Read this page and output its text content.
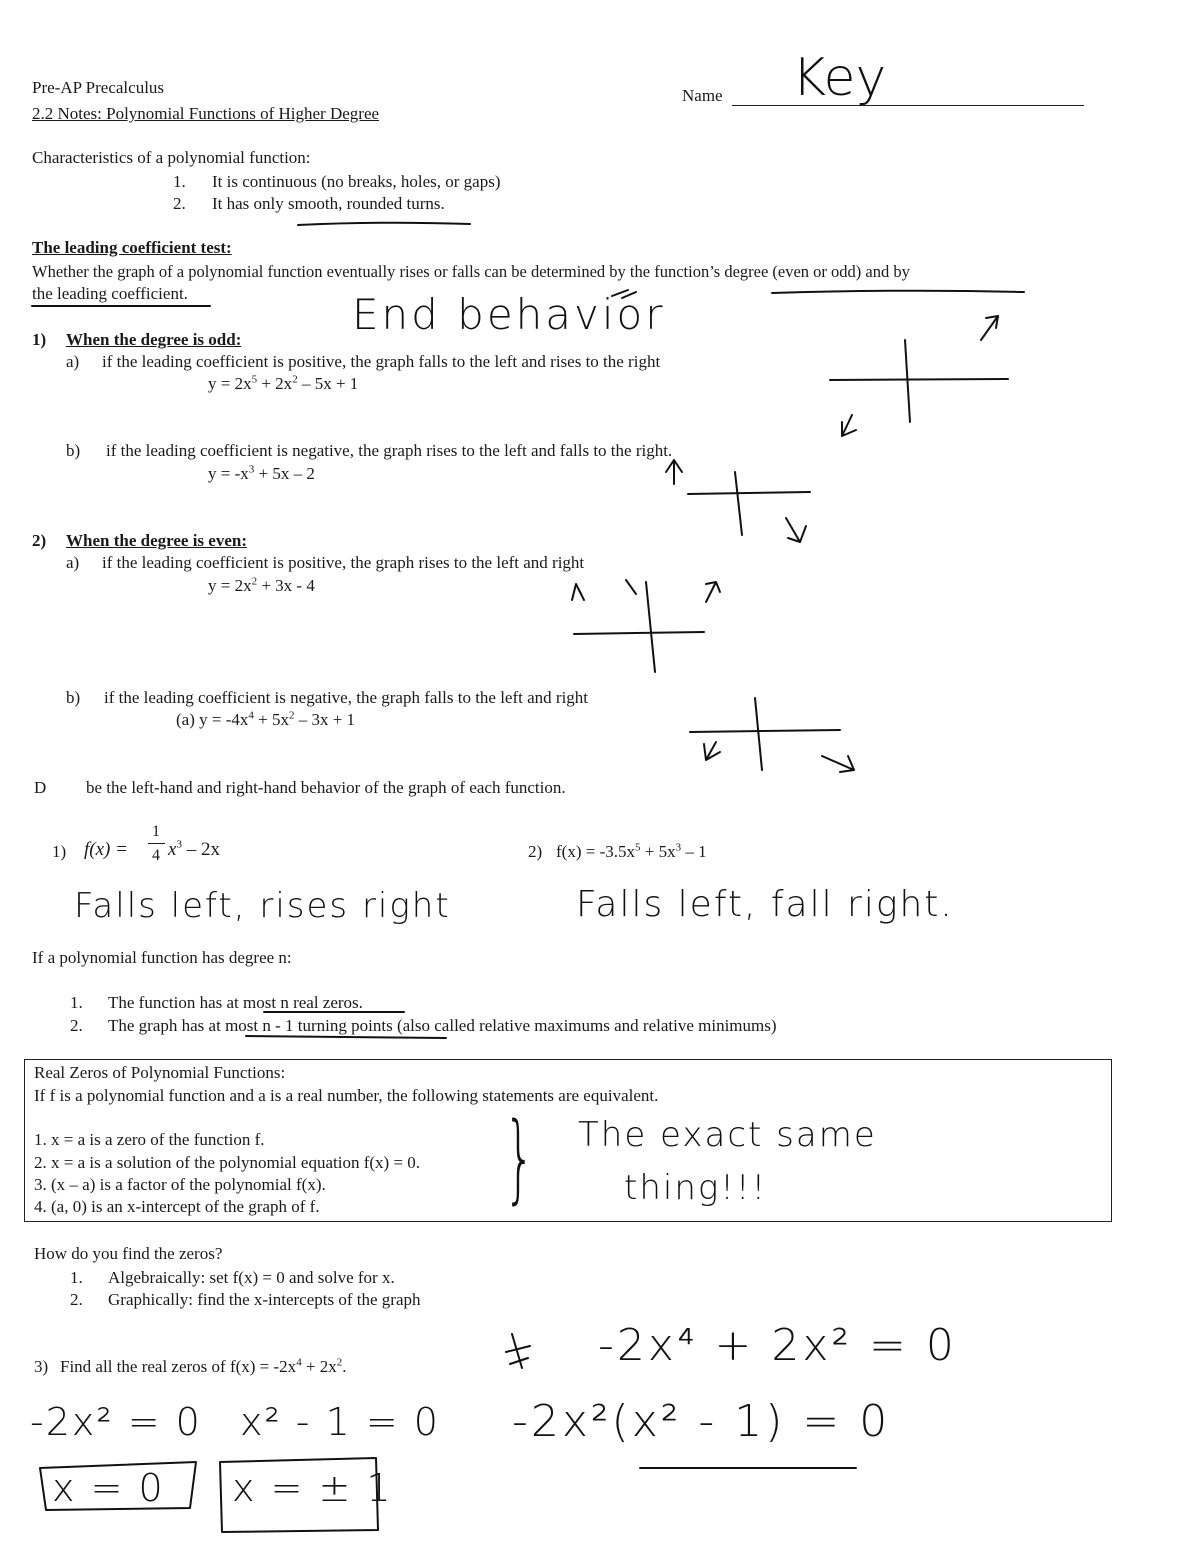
Pre-AP Precalculus
2.2 Notes: Polynomial Functions of Higher Degree
Name Key
Characteristics of a polynomial function:
1. It is continuous (no breaks, holes, or gaps)
2. It has only smooth, rounded turns.
The leading coefficient test:
Whether the graph of a polynomial function eventually rises or falls can be determined by the function’s degree (even or odd) and by
the leading coefficient.	End behavior
1) When the degree is odd:
a) if the leading coefficient is positive, the graph falls to the left and rises to the right
$y = 2x^5 + 2x^2 - 5x + 1$
b) if the leading coefficient is negative, the graph rises to the left and falls to the right.
$y = -x^3 + 5x - 2$
2) When the degree is even:
a) if the leading coefficient is positive, the graph rises to the left and right
$y = 2x^2 + 3x - 4$
b) if the leading coefficient is negative, the graph falls to the left and right
(a) $y = -4x^4 + 5x^2 - 3x + 1$
D be the left-hand and right-hand behavior of the graph of each function.
1) f(x) =
1
4 $x^3 - 2x$
Falls left, rises right
2) $f(x) = -3.5x^5 + 5x^3 - 1$
Falls left, fall right.
If a polynomial function has degree n:
1. The function has at most n real zeros.
2. The graph has at most n - 1 turning points (also called relative maximums and relative minimums)
Real Zeros of Polynomial Functions:
If f is a polynomial function and a is a real number, the following statements are equivalent.
1. x = a is a zero of the function f.
2. x = a is a solution of the polynomial equation f(x) = 0.
3. (x – a) is a factor of the polynomial f(x).
4. (a, 0) is an x-intercept of the graph of f. } The exact same
thing!!!
How do you find the zeros?
1. Algebraically: set f(x) = 0 and solve for x.
2. Graphically: find the x-intercepts of the graph
3) Find all the real zeros of $f(x) = -2x^4 + 2x^2$.	-2x⁴ + 2x² = 0
-2x²(x² - 1) = 0
-2x² = 0 x² - 1 = 0
x = 0 x = ± 1
